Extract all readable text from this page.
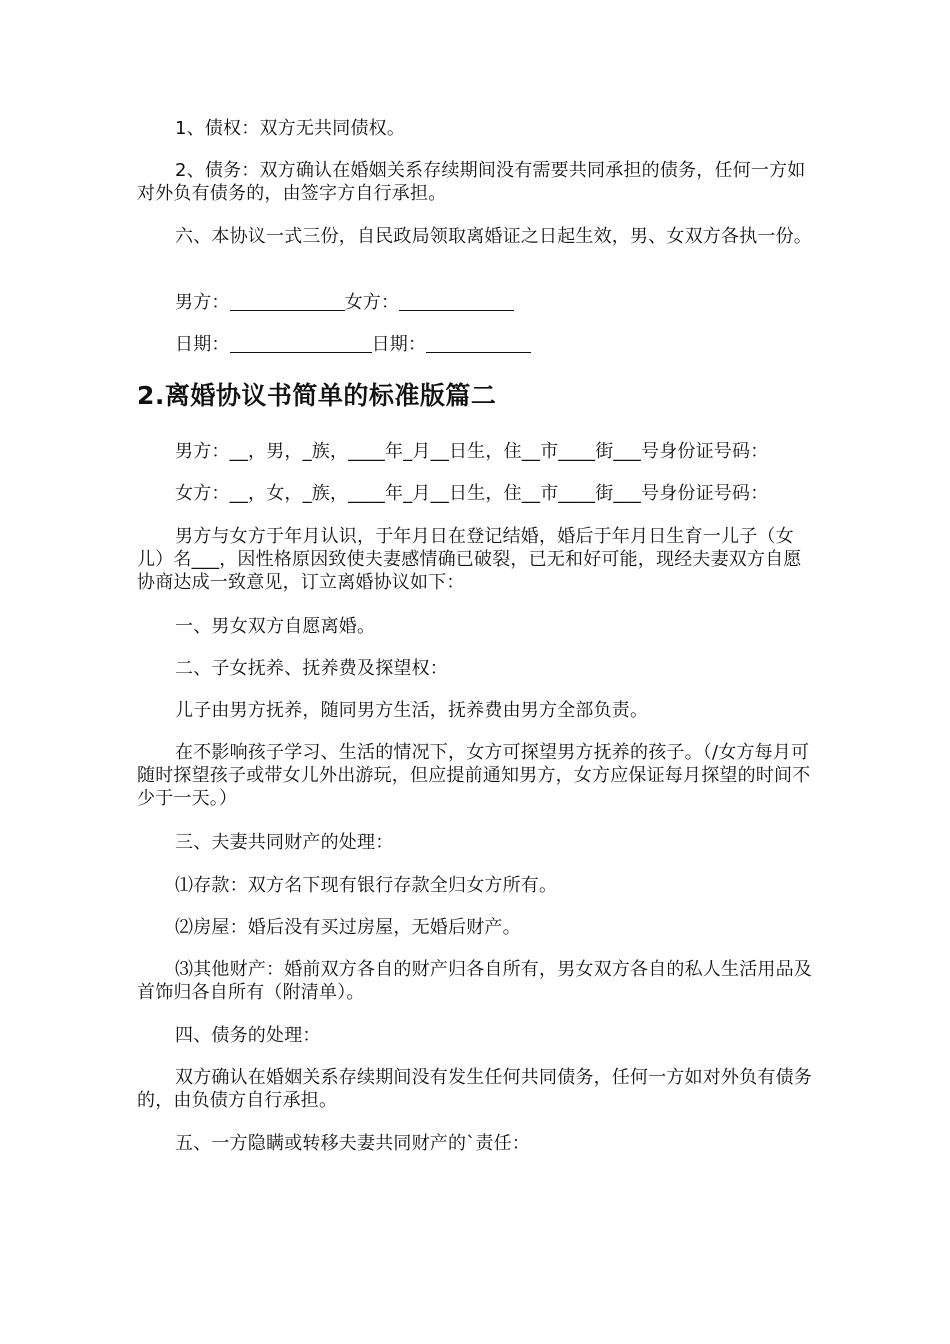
1、债权：双方无共同债权。

2、债务：双方确认在婚姻关系存续期间没有需要共同承担的债务，任何一方如对外负有债务的，由签字方自行承担。

六、本协议一式三份，自民政局领取离婚证之日起生效，男、女双方各执一份。

男方：	女方：

日期：	日期：

2.离婚协议书简单的标准版篇二

男方：__，男，_族，____年_月__日生，住__市____街___号身份证号码：

女方：__，女，_族，____年_月__日生，住__市____街___号身份证号码：

男方与女方于年月认识，于年月日在登记结婚，婚后于年月日生育一儿子（女儿）名___，因性格原因致使夫妻感情确已破裂，已无和好可能，现经夫妻双方自愿协商达成一致意见，订立离婚协议如下：

一、男女双方自愿离婚。

二、子女抚养、抚养费及探望权：

儿子由男方抚养，随同男方生活，抚养费由男方全部负责。

在不影响孩子学习、生活的情况下，女方可探望男方抚养的孩子。（/女方每月可随时探望孩子或带女儿外出游玩，但应提前通知男方，女方应保证每月探望的时间不少于一天。）

三、夫妻共同财产的处理：

⑴存款：双方名下现有银行存款全归女方所有。

⑵房屋：婚后没有买过房屋，无婚后财产。

⑶其他财产：婚前双方各自的财产归各自所有，男女双方各自的私人生活用品及首饰归各自所有（附清单）。

四、债务的处理：

双方确认在婚姻关系存续期间没有发生任何共同债务，任何一方如对外负有债务的，由负债方自行承担。

五、一方隐瞒或转移夫妻共同财产的`责任：
